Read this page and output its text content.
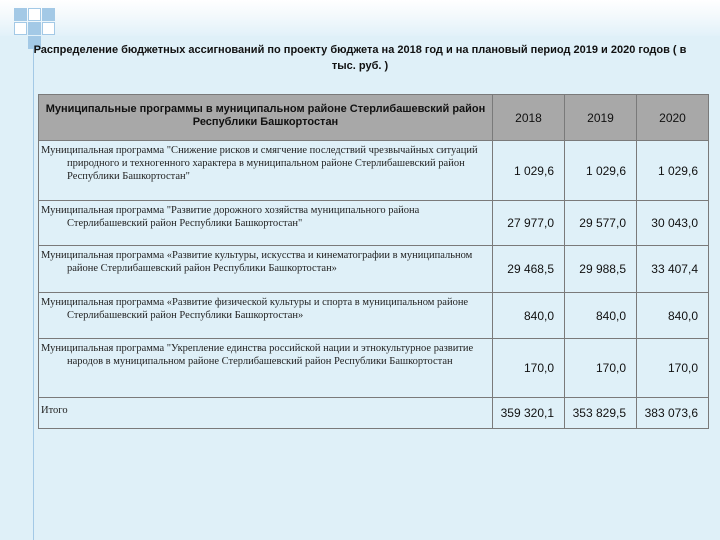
Распределение бюджетных ассигнований по проекту бюджета на 2018 год и на плановый период 2019 и 2020 годов ( в тыс. руб. )
Муниципальные программы в муниципальном районе Стерлибашевский район Республики Башкортостан	2018	2019	2020

Муниципальная программа "Снижение рисков и смягчение последствий чрезвычайных ситуаций природного и техногенного характера в муниципальном районе Стерлибашевский район Республики Башкортостан"	1 029,6	1 029,6	1 029,6

Муниципальная программа "Развитие дорожного хозяйства муниципального района Стерлибашевский район Республики Башкортостан"	27 977,0	29 577,0	30 043,0

Муниципальная программа «Развитие культуры, искусства и кинематографии в муниципальном районе Стерлибашевский район Республики Башкортостан»	29 468,5	29 988,5	33 407,4

Муниципальная программа «Развитие физической культуры и спорта в муниципальном районе Стерлибашевский район Республики Башкортостан»	840,0	840,0	840,0

Муниципальная программа "Укрепление единства российской нации и этнокультурное развитие народов в муниципальном районе Стерлибашевский район Республики Башкортостан	170,0	170,0	170,0

Итого	359 320,1	353 829,5	383 073,6
